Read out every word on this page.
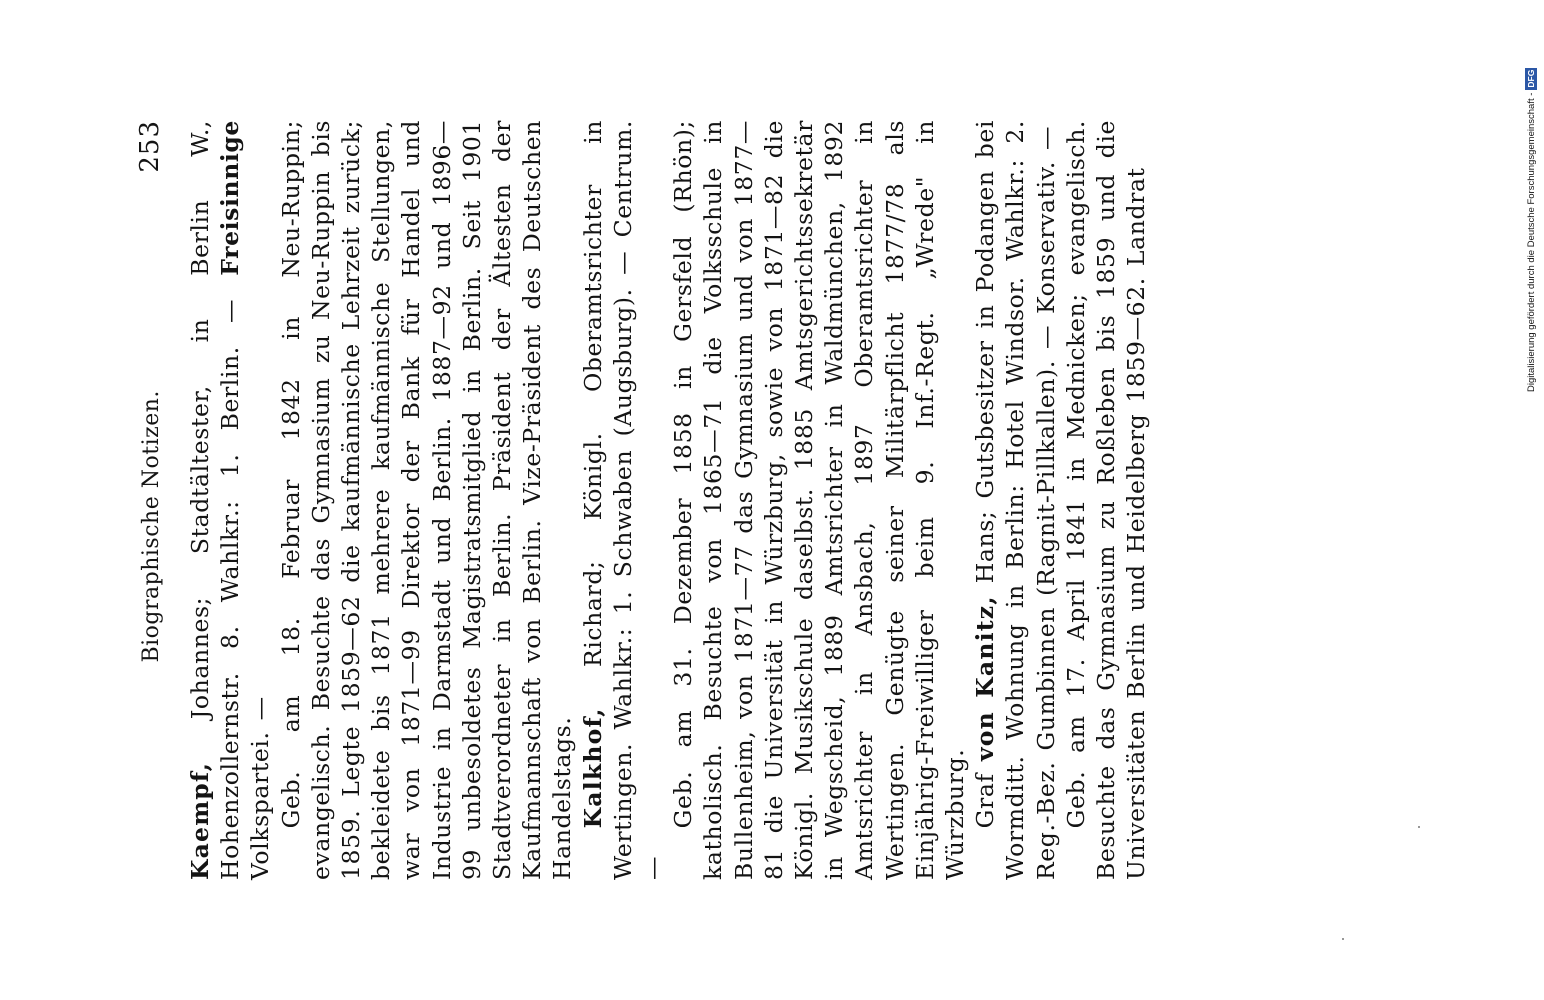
Biographische Notizen.
253

Kaempf, Johannes; Stadtältester, in Berlin W., Hohenzollernstr. 8. Wahlkr.: 1. Berlin. — Freisinnige Volkspartei. — Geb. am 18. Februar 1842 in Neu-Ruppin; evangelisch. Besuchte das Gymnasium zu Neu-Ruppin bis 1859. Legte 1859—62 die kaufmännische Lehrzeit zurück; bekleidete bis 1871 mehrere kaufmännische Stellungen, war von 1871—99 Direktor der Bank für Handel und Industrie in Darmstadt und Berlin. 1887—92 und 1896—99 unbesoldetes Magistratsmitglied in Berlin. Seit 1901 Stadtverordneter in Berlin. Präsident der Ältesten der Kaufmannschaft von Berlin. Vize-Präsident des Deutschen Handelstags. Kalkhof, Richard; Königl. Oberamtsrichter in Wertingen. Wahlkr.: 1. Schwaben (Augsburg). — Centrum. —

Geb. am 31. Dezember 1858 in Gersfeld (Rhön); katholisch. Besuchte von 1865—71 die Volksschule in Bullenheim, von 1871—77 das Gymnasium und von 1877—81 die Universität in Würzburg, sowie von 1871—82 die Königl. Musikschule daselbst. 1885 Amtsgerichtssekretär in Wegscheid, 1889 Amtsrichter in Waldmünchen, 1892 Amtsrichter in Ansbach, 1897 Oberamtsrichter in Wertingen. Genügte seiner Militärpflicht 1877/78 als Einjährig-Freiwilliger beim 9. Inf.-Regt. „Wrede" in Würzburg. Graf von Kanitz, Hans; Gutsbesitzer in Podangen bei Wormditt. Wohnung in Berlin: Hotel Windsor. Wahlkr.: 2. Reg.-Bez. Gumbinnen (Ragnit-Pillkallen). — Konservativ. — Geb. am 17. April 1841 in Mednicken; evangelisch. Besuchte das Gymnasium zu Roßleben bis 1859 und die Universitäten Berlin und Heidelberg 1859—62. Landrat	Digitalisierung gefördert durch die Deutsche Forschungsgemeinschaft -
DFG
